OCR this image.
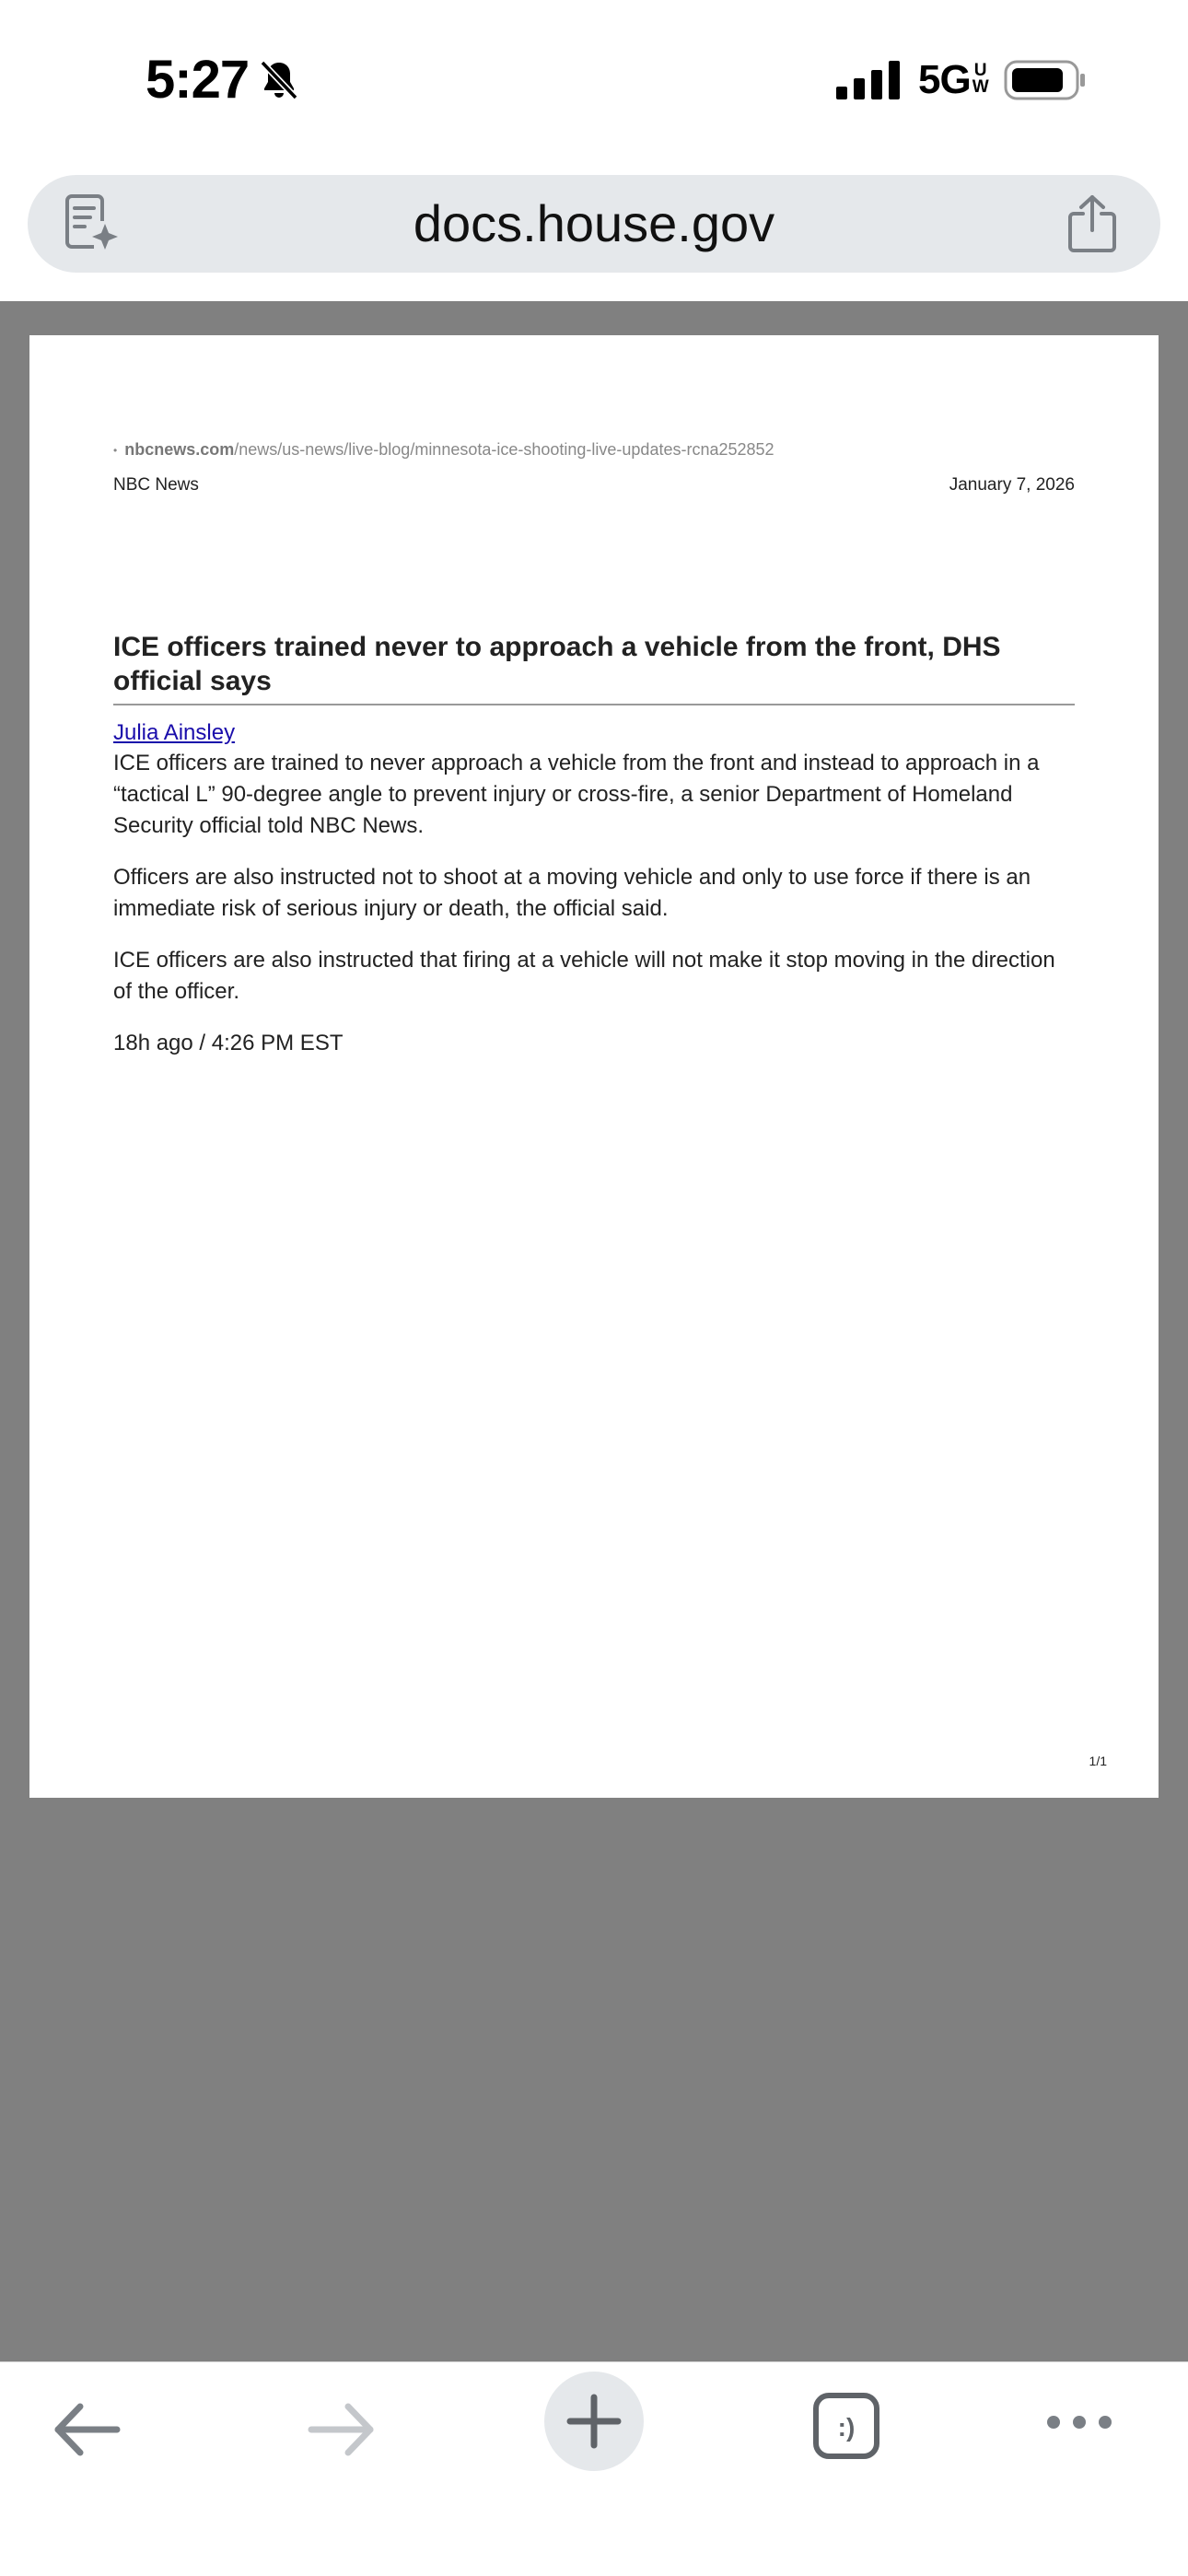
5:27	5G U
W
docs.house.gov
• nbcnews.com/news/us-news/live-blog/minnesota-ice-shooting-live-updates-rcna252852
NBC News	January 7, 2026
ICE officers trained never to approach a vehicle from the front, DHS official says
Julia Ainsley

ICE officers are trained to never approach a vehicle from the front and instead to approach in a “tactical L” 90-degree angle to prevent injury or cross-fire, a senior Department of Homeland Security official told NBC News.

Officers are also instructed not to shoot at a moving vehicle and only to use force if there is an immediate risk of serious injury or death, the official said.

ICE officers are also instructed that firing at a vehicle will not make it stop moving in the direction of the officer.

18h ago / 4:26 PM EST
1/1
:)
